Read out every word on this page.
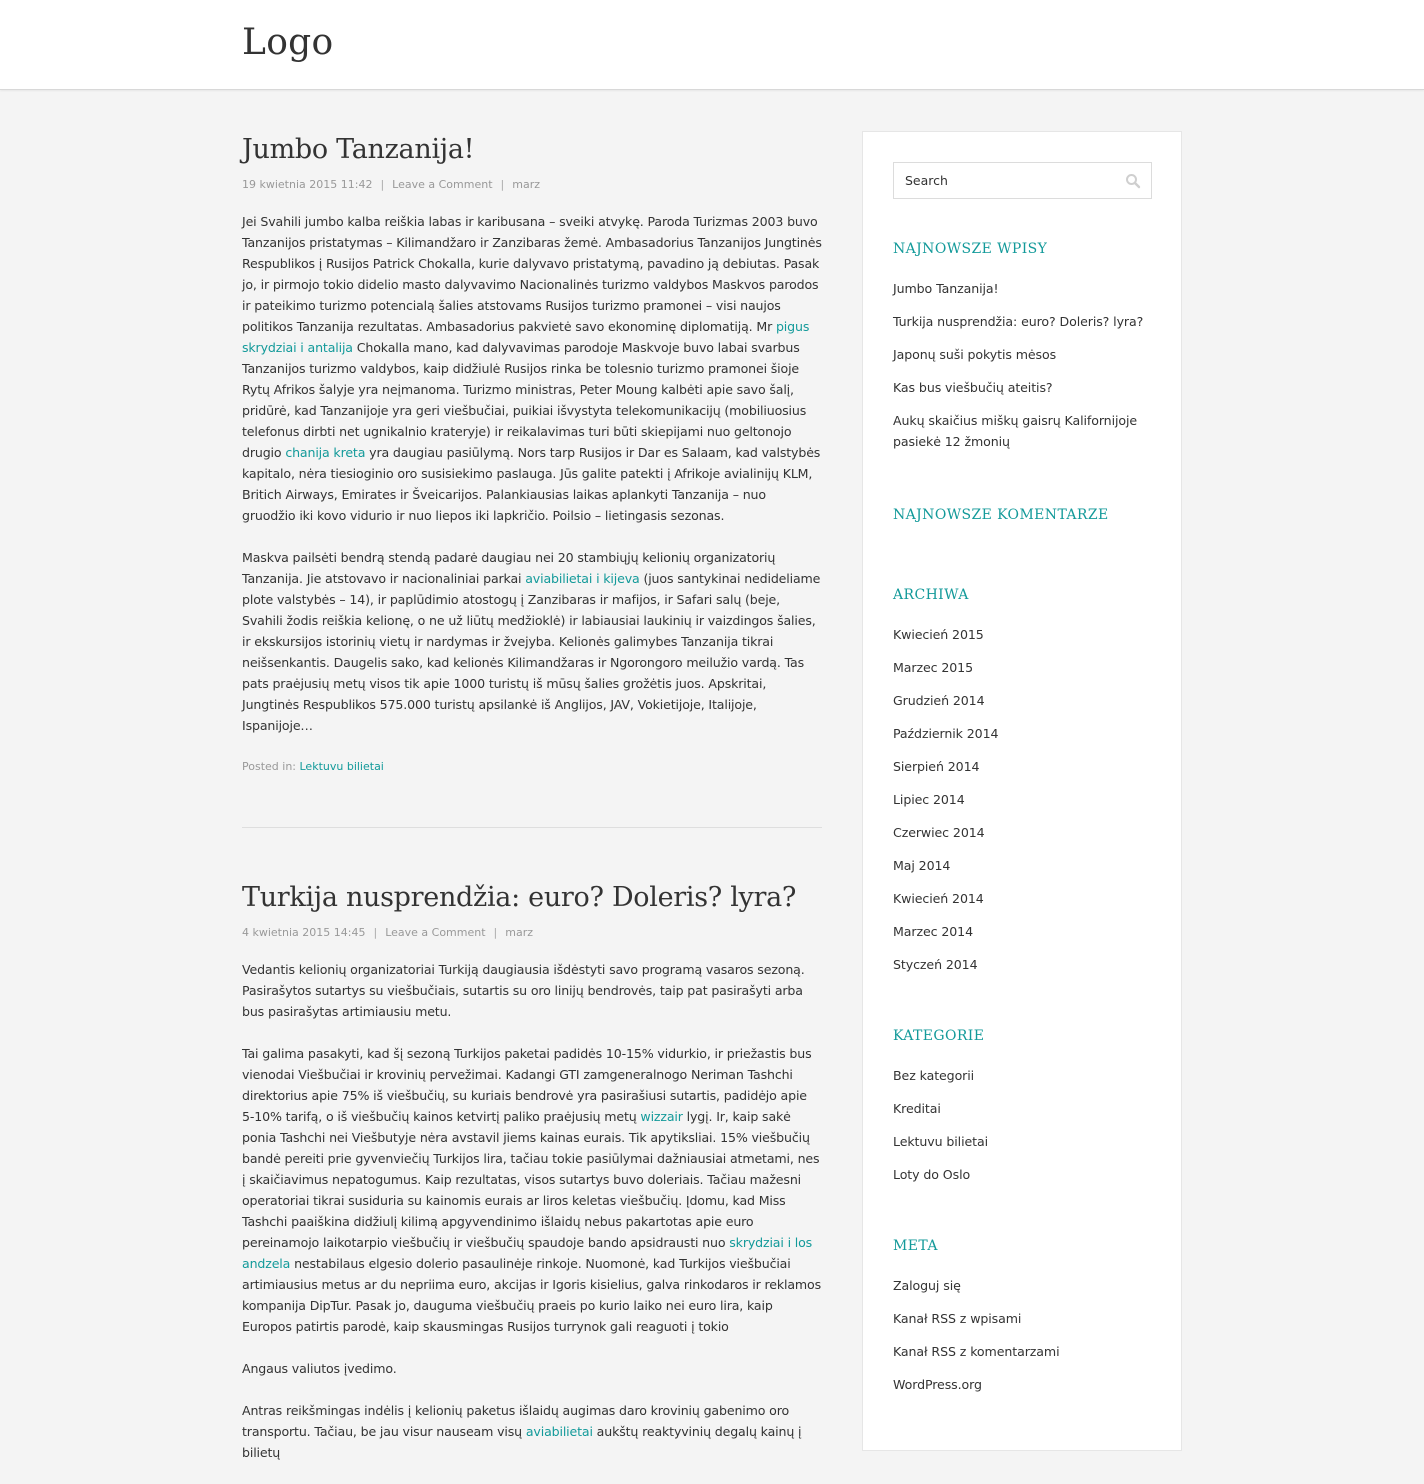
Logo
Jumbo Tanzanija!
19 kwietnia 2015 11:42 | Leave a Comment | marz

Jei Svahili jumbo kalba reiškia labas ir karibusana – sveiki atvykę. Paroda Turizmas 2003 buvo Tanzanijos pristatymas – Kilimandžaro ir Zanzibaras žemė. Ambasadorius Tanzanijos Jungtinės Respublikos į Rusijos Patrick Chokalla, kurie dalyvavo pristatymą, pavadino ją debiutas. Pasak jo, ir pirmojo tokio didelio masto dalyvavimo Nacionalinės turizmo valdybos Maskvos parodos ir pateikimo turizmo potencialą šalies atstovams Rusijos turizmo pramonei – visi naujos politikos Tanzanija rezultatas. Ambasadorius pakvietė savo ekonominę diplomatiją. Mr pigus skrydziai i antalija Chokalla mano, kad dalyvavimas parodoje Maskvoje buvo labai svarbus Tanzanijos turizmo valdybos, kaip didžiulė Rusijos rinka be tolesnio turizmo pramonei šioje Rytų Afrikos šalyje yra neįmanoma. Turizmo ministras, Peter Moung kalbėti apie savo šalį, pridūrė, kad Tanzanijoje yra geri viešbučiai, puikiai išvystyta telekomunikacijų (mobiliuosius telefonus dirbti net ugnikalnio krateryje) ir reikalavimas turi būti skiepijami nuo geltonojo drugio chanija kreta yra daugiau pasiūlymą. Nors tarp Rusijos ir Dar es Salaam, kad valstybės kapitalo, nėra tiesioginio oro susisiekimo paslauga. Jūs galite patekti į Afrikoje avialinijų KLM, Britich Airways, Emirates ir Šveicarijos. Palankiausias laikas aplankyti Tanzanija – nuo gruodžio iki kovo vidurio ir nuo liepos iki lapkričio. Poilsio – lietingasis sezonas.

Maskva pailsėti bendrą stendą padarė daugiau nei 20 stambiųjų kelionių organizatorių Tanzanija. Jie atstovavo ir nacionaliniai parkai aviabilietai i kijeva (juos santykinai nedideliame plote valstybės – 14), ir paplūdimio atostogų į Zanzibaras ir mafijos, ir Safari salų (beje, Svahili žodis reiškia kelionę, o ne už liūtų medžioklė) ir labiausiai laukinių ir vaizdingos šalies, ir ekskursijos istorinių vietų ir nardymas ir žvejyba. Kelionės galimybes Tanzanija tikrai neišsenkantis. Daugelis sako, kad kelionės Kilimandžaras ir Ngorongoro meilužio vardą. Tas pats praėjusių metų visos tik apie 1000 turistų iš mūsų šalies grožėtis juos. Apskritai, Jungtinės Respublikos 575.000 turistų apsilankė iš Anglijos, JAV, Vokietijoje, Italijoje, Ispanijoje…

Posted in: Lektuvu bilietai
Turkija nusprendžia: euro? Doleris? lyra?
4 kwietnia 2015 14:45 | Leave a Comment | marz

Vedantis kelionių organizatoriai Turkiją daugiausia išdėstyti savo programą vasaros sezoną. Pasirašytos sutartys su viešbučiais, sutartis su oro linijų bendrovės, taip pat pasirašyti arba bus pasirašytas artimiausiu metu.

Tai galima pasakyti, kad šį sezoną Turkijos paketai padidės 10-15% vidurkio, ir priežastis bus vienodai Viešbučiai ir krovinių pervežimai. Kadangi GTI zamgeneralnogo Neriman Tashchi direktorius apie 75% iš viešbučių, su kuriais bendrovė yra pasirašiusi sutartis, padidėjo apie 5-10% tarifą, o iš viešbučių kainos ketvirtį paliko praėjusių metų wizzair lygį. Ir, kaip sakė ponia Tashchi nei Viešbutyje nėra avstavil jiems kainas eurais. Tik apytiksliai. 15% viešbučių bandė pereiti prie gyvenviečių Turkijos lira, tačiau tokie pasiūlymai dažniausiai atmetami, nes į skaičiavimus nepatogumus. Kaip rezultatas, visos sutartys buvo doleriais. Tačiau mažesni operatoriai tikrai susiduria su kainomis eurais ar liros keletas viešbučių. Įdomu, kad Miss Tashchi paaiškina didžiulį kilimą apgyvendinimo išlaidų nebus pakartotas apie euro pereinamojo laikotarpio viešbučių ir viešbučių spaudoje bando apsidrausti nuo skrydziai i los andzela nestabilaus elgesio dolerio pasaulinėje rinkoje. Nuomonė, kad Turkijos viešbučiai artimiausius metus ar du nepriima euro, akcijas ir Igoris kisielius, galva rinkodaros ir reklamos kompanija DipTur. Pasak jo, dauguma viešbučių praeis po kurio laiko nei euro lira, kaip Europos patirtis parodė, kaip skausmingas Rusijos turrynok gali reaguoti į tokio

Angaus valiutos įvedimo.

Antras reikšmingas indėlis į kelionių paketus išlaidų augimas daro krovinių gabenimo oro transportu. Tačiau, be jau visur nauseam visų aviabilietai aukštų reaktyvinių degalų kainų į bilietų

Search
NAJNOWSZE WPISY
Jumbo Tanzanija!
Turkija nusprendžia: euro? Doleris? lyra?
Japonų suši pokytis mėsos
Kas bus viešbučių ateitis?
Aukų skaičius miškų gaisrų Kalifornijoje pasiekė 12 žmonių
NAJNOWSZE KOMENTARZE
ARCHIWA
Kwiecień 2015
Marzec 2015
Grudzień 2014
Październik 2014
Sierpień 2014
Lipiec 2014
Czerwiec 2014
Maj 2014
Kwiecień 2014
Marzec 2014
Styczeń 2014
KATEGORIE
Bez kategorii
Kreditai
Lektuvu bilietai
Loty do Oslo
META
Zaloguj się
Kanał RSS z wpisami
Kanał RSS z komentarzami
WordPress.org
